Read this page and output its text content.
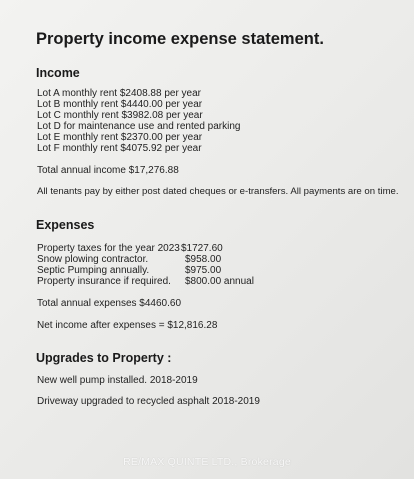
Property income expense statement.
Income
Lot A monthly rent $2408.88 per year
Lot B monthly rent $4440.00 per year
Lot C monthly rent $3982.08 per year
Lot D for maintenance use and rented parking
Lot E monthly rent $2370.00 per year
Lot F monthly rent $4075.92 per year
Total annual income $17,276.88
All tenants pay by either post dated cheques or e-transfers. All payments are on time.
Expenses
Property taxes for the year 2023 $1727.60
Snow plowing contractor.	$958.00
Septic Pumping annually.	$975.00
Property insurance if required. $800.00 annual
Total annual expenses $4460.60
Net income after expenses = $12,816.28
Upgrades to Property :
New well pump installed. 2018-2019
Driveway upgraded to recycled asphalt 2018-2019
RE/MAX QUINTE LTD., Brokerage
